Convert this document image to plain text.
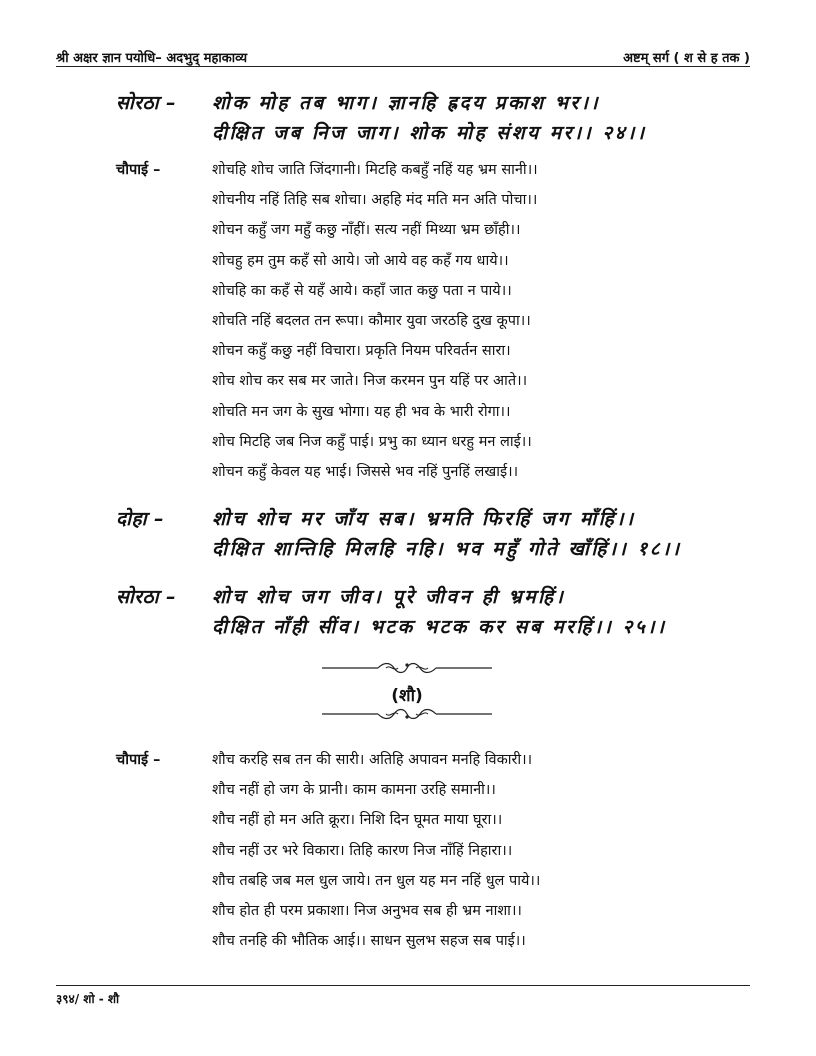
श्री अक्षर ज्ञान पयोधि– अदभुद् महाकाव्य	अष्टम् सर्ग ( श से ह तक )
सोरठा – शोक मोह तब भाग। ज्ञानहि ह्रदय प्रकाश भर।।
दीक्षित जब निज जाग। शोक मोह संशय मर।। २४।।
चौपाई –	शोचहि शोच जाति जिंदगानी। मिटहि कबहुँ नहिं यह भ्रम सानी।।
शोचनीय नहिं तिहि सब शोचा। अहहि मंद मति मन अति पोचा।।
शोचन कहुँ जग महुँ कछु नाँहीं। सत्य नहीं मिथ्या भ्रम छाँही।।
शोचहु हम तुम कहँ सो आये। जो आये वह कहँ गय धाये।।
शोचहि का कहँ से यहँ आये। कहाँ जात कछु पता न पाये।।
शोचति नहिं बदलत तन रूपा। कौमार युवा जरठहि दुख कूपा।।
शोचन कहुँ कछु नहीं विचारा। प्रकृति नियम परिवर्तन सारा।
शोच शोच कर सब मर जाते। निज करमन पुन यहिं पर आते।।
शोचति मन जग के सुख भोगा। यह ही भव के भारी रोगा।।
शोच मिटहि जब निज कहुँ पाई। प्रभु का ध्यान धरहु मन लाई।।
शोचन कहुँ केवल यह भाई। जिससे भव नहिं पुनहिं लखाई।।
दोहा –	शोच शोच मर जाँय सब। भ्रमति फिरहिं जग माँहिं।।
दीक्षित शान्तिहि मिलहि नहि। भव महुँ गोते खाँहिं।। १८।।
सोरठा – शोच शोच जग जीव। पूरे जीवन ही भ्रमहिं।
दीक्षित नाँही सींव। भटक भटक कर सब मरहिं।। २५।।
(शौ)
चौपाई –	शौच करहि सब तन की सारी। अतिहि अपावन मनहि विकारी।।
शौच नहीं हो जग के प्रानी। काम कामना उरहि समानी।।
शौच नहीं हो मन अति क्रूरा। निशि दिन घूमत माया घूरा।।
शौच नहीं उर भरे विकारा। तिहि कारण निज नाँहिं निहारा।।
शौच तबहि जब मल धुल जाये। तन धुल यह मन नहिं धुल पाये।।
शौच होत ही परम प्रकाशा। निज अनुभव सब ही भ्रम नाशा।।
शौच तनहि की भौतिक आई।। साधन सुलभ सहज सब पाई।।
३९४/ शो - शौ
